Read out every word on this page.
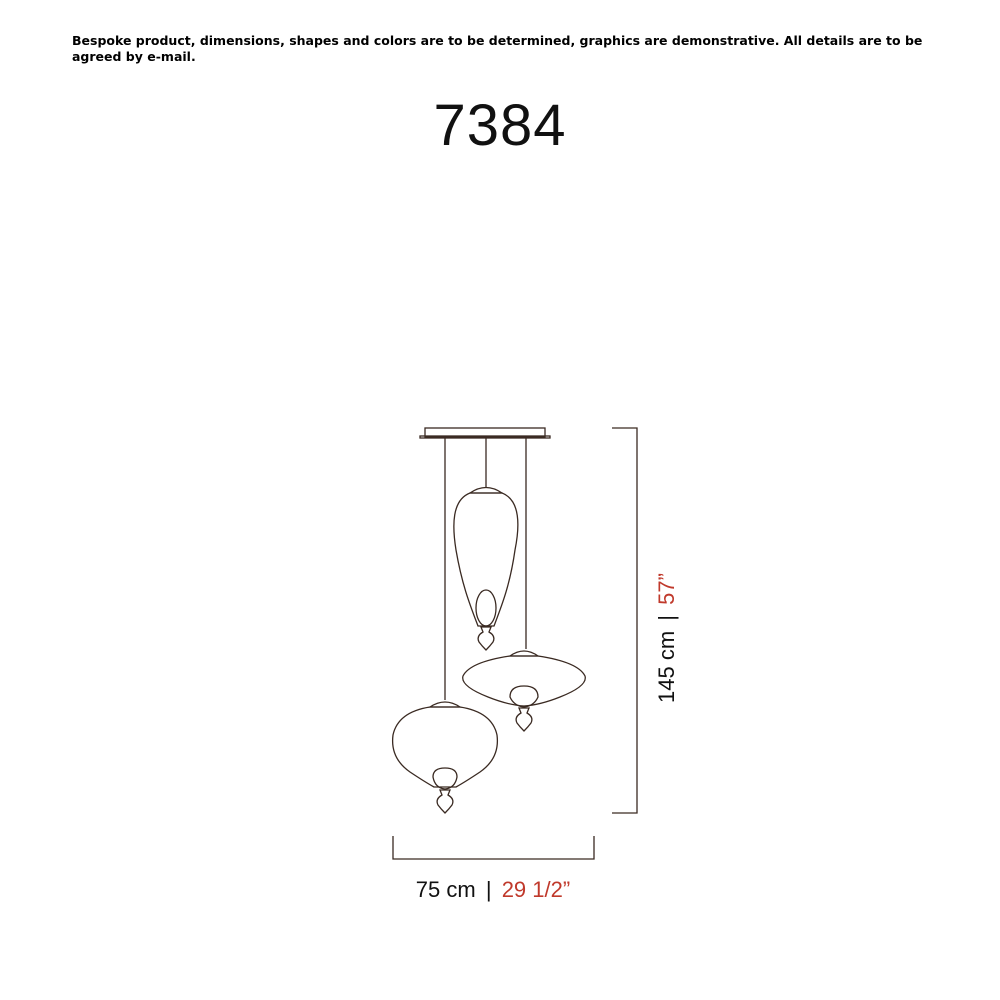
Bespoke product, dimensions, shapes and colors are to be determined, graphics are demonstrative. All details are to be agreed by e-mail.
7384
75 cm | 29 1/2”
145 cm | 57”
